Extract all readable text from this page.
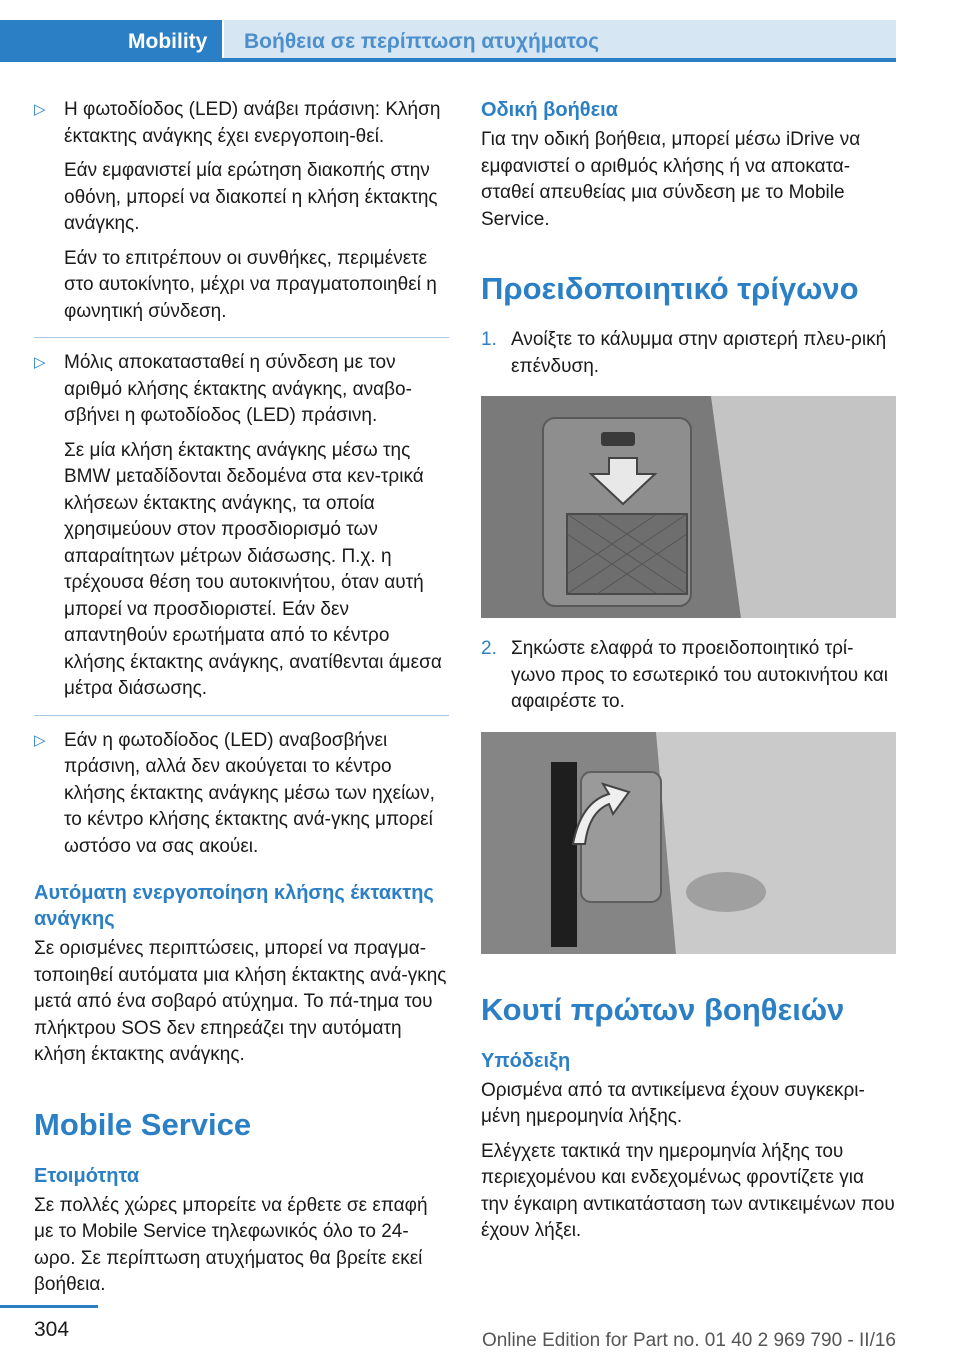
Mobility	Βοήθεια σε περίπτωση ατυχήματος
▷ Η φωτοδίοδος (LED) ανάβει πράσινη: Κλήση έκτακτης ανάγκης έχει ενεργοποιη-θεί.

Εάν εμφανιστεί μία ερώτηση διακοπής στην οθόνη, μπορεί να διακοπεί η κλήση έκτακτης ανάγκης.

Εάν το επιτρέπουν οι συνθήκες, περιμένετε στο αυτοκίνητο, μέχρι να πραγματοποιηθεί η φωνητική σύνδεση.

▷ Μόλις αποκατασταθεί η σύνδεση με τον αριθμό κλήσης έκτακτης ανάγκης, αναβο-σβήνει η φωτοδίοδος (LED) πράσινη.

Σε μία κλήση έκτακτης ανάγκης μέσω της BMW μεταδίδονται δεδομένα στα κεν-τρικά κλήσεων έκτακτης ανάγκης, τα οποία χρησιμεύουν στον προσδιορισμό των απαραίτητων μέτρων διάσωσης. Π.χ. η τρέχουσα θέση του αυτοκινήτου, όταν αυτή μπορεί να προσδιοριστεί. Εάν δεν απαντηθούν ερωτήματα από το κέντρο κλήσης έκτακτης ανάγκης, ανατίθενται άμεσα μέτρα διάσωσης.

▷ Εάν η φωτοδίοδος (LED) αναβοσβήνει πράσινη, αλλά δεν ακούγεται το κέντρο κλήσης έκτακτης ανάγκης μέσω των ηχείων, το κέντρο κλήσης έκτακτης ανά-γκης μπορεί ωστόσο να σας ακούει.

Αυτόματη ενεργοποίηση κλήσης έκτακτης ανάγκης

Σε ορισμένες περιπτώσεις, μπορεί να πραγμα-τοποιηθεί αυτόματα μια κλήση έκτακτης ανά-γκης μετά από ένα σοβαρό ατύχημα. Το πά-τημα του πλήκτρου SOS δεν επηρεάζει την αυτόματη κλήση έκτακτης ανάγκης.

Mobile Service
Ετοιμότητα

Σε πολλές χώρες μπορείτε να έρθετε σε επαφή με το Mobile Service τηλεφωνικός όλο το 24-ωρο. Σε περίπτωση ατυχήματος θα βρείτε εκεί βοήθεια.

Οδική βοήθεια

Για την οδική βοήθεια, μπορεί μέσω iDrive να εμφανιστεί ο αριθμός κλήσης ή να αποκατα-σταθεί απευθείας μια σύνδεση με το Mobile Service.

Προειδοποιητικό τρίγωνο
1. Ανοίξτε το κάλυμμα στην αριστερή πλευ-ρική επένδυση.
2. Σηκώστε ελαφρά το προειδοποιητικό τρί-γωνο προς το εσωτερικό του αυτοκινήτου και αφαιρέστε το.
Κουτί πρώτων βοηθειών
Υπόδειξη

Ορισμένα από τα αντικείμενα έχουν συγκεκρι-μένη ημερομηνία λήξης.

Ελέγχετε τακτικά την ημερομηνία λήξης του περιεχομένου και ενδεχομένως φροντίζετε για την έγκαιρη αντικατάσταση των αντικειμένων που έχουν λήξει.

304	Online Edition for Part no. 01 40 2 969 790 - II/16
